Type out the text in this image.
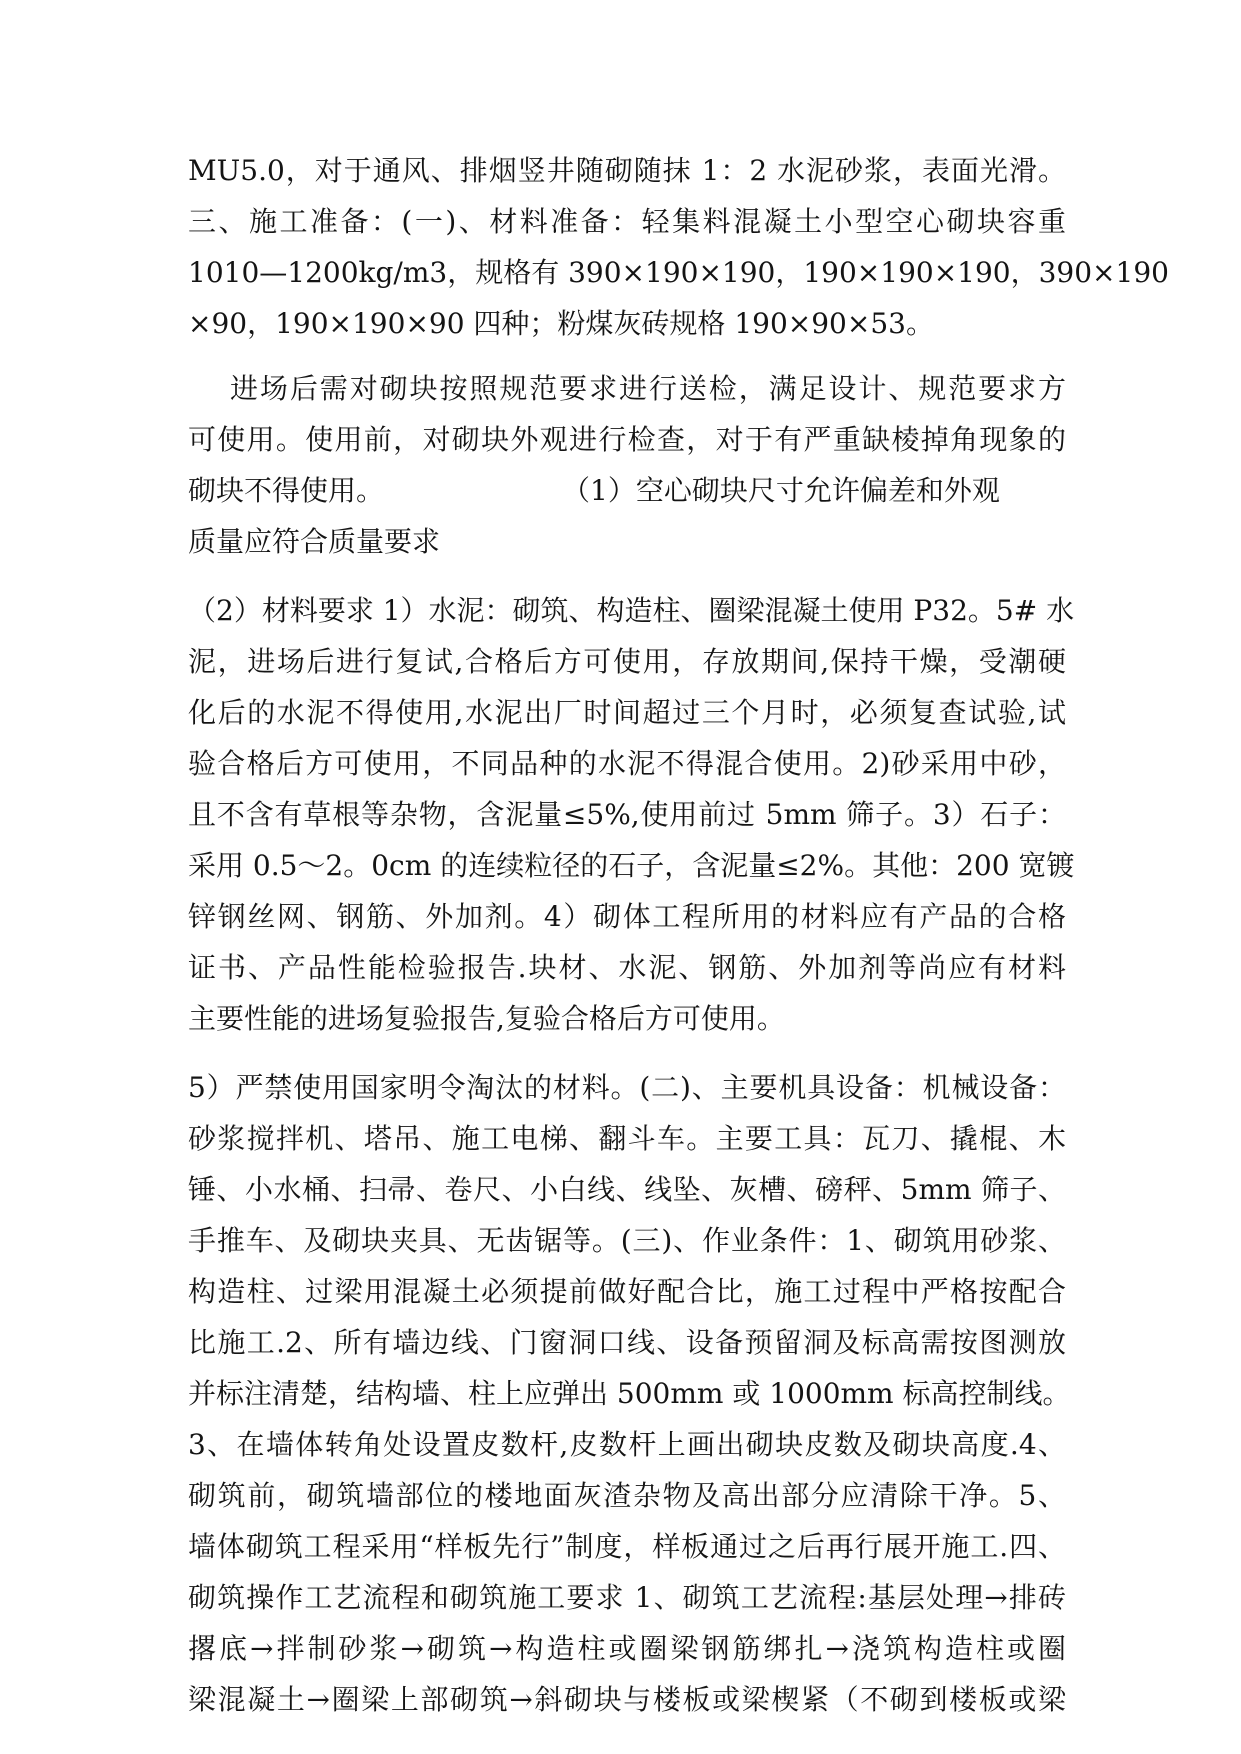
MU5.0，对于通风、排烟竖井随砌随抹 1：2 水泥砂浆，表面光滑。
三、施工准备：(一)、材料准备：轻集料混凝土小型空心砌块容重
1010—1200kg/m3，规格有 390×190×190，190×190×190，390×190
×90，190×190×90 四种；粉煤灰砖规格 190×90×53。
进场后需对砌块按照规范要求进行送检，满足设计、规范要求方
可使用。使用前，对砌块外观进行检查，对于有严重缺棱掉角现象的
砌块不得使用。                    （1）空心砌块尺寸允许偏差和外观
质量应符合质量要求
（2）材料要求 1）水泥：砌筑、构造柱、圈梁混凝土使用 P32。5# 水
泥，进场后进行复试,合格后方可使用，存放期间,保持干燥，受潮硬
化后的水泥不得使用,水泥出厂时间超过三个月时，必须复查试验,试
验合格后方可使用，不同品种的水泥不得混合使用。2)砂采用中砂，
且不含有草根等杂物，含泥量≤5%,使用前过 5mm 筛子。3）石子：
采用 0.5～2。0cm 的连续粒径的石子，含泥量≤2%。其他：200 宽镀
锌钢丝网、钢筋、外加剂。4）砌体工程所用的材料应有产品的合格
证书、产品性能检验报告.块材、水泥、钢筋、外加剂等尚应有材料
主要性能的进场复验报告,复验合格后方可使用。
5）严禁使用国家明令淘汰的材料。(二)、主要机具设备：机械设备：
砂浆搅拌机、塔吊、施工电梯、翻斗车。主要工具：瓦刀、撬棍、木
锤、小水桶、扫帚、卷尺、小白线、线坠、灰槽、磅秤、5mm 筛子、
手推车、及砌块夹具、无齿锯等。(三)、作业条件：1、砌筑用砂浆、
构造柱、过梁用混凝土必须提前做好配合比，施工过程中严格按配合
比施工.2、所有墙边线、门窗洞口线、设备预留洞及标高需按图测放
并标注清楚，结构墙、柱上应弹出 500mm 或 1000mm 标高控制线。
3、在墙体转角处设置皮数杆,皮数杆上画出砌块皮数及砌块高度.4、
砌筑前，砌筑墙部位的楼地面灰渣杂物及高出部分应清除干净。5、
墙体砌筑工程采用“样板先行”制度，样板通过之后再行展开施工.四、
砌筑操作工艺流程和砌筑施工要求 1、砌筑工艺流程:基层处理→排砖
撂底→拌制砂浆→砌筑→构造柱或圈梁钢筋绑扎→浇筑构造柱或圈
梁混凝土→圈梁上部砌筑→斜砌块与楼板或梁楔紧（不砌到楼板或梁
